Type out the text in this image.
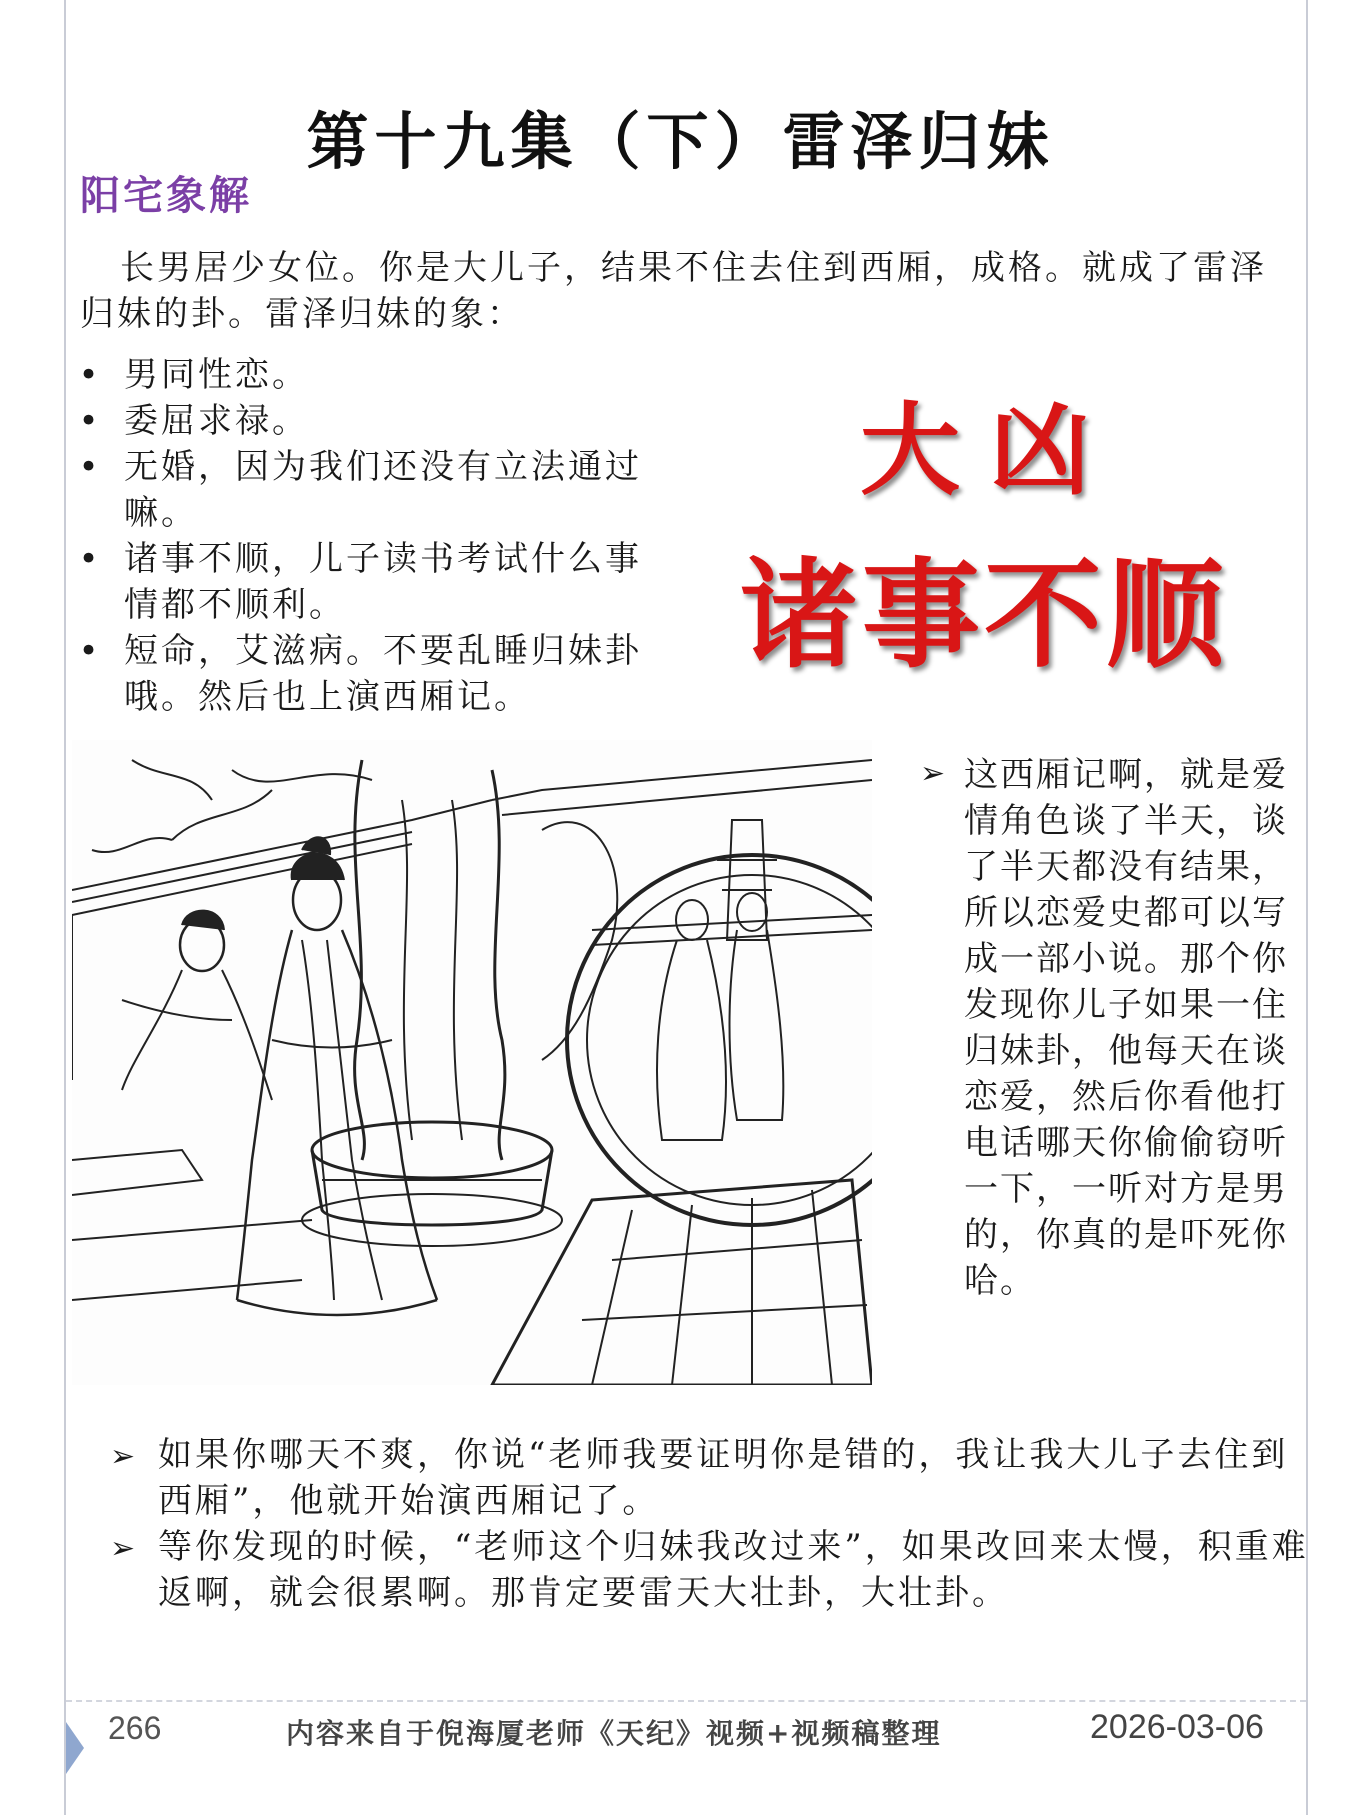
第十九集（下）雷泽归妹
阳宅象解
长男居少女位。你是大儿子，结果不住去住到西厢，成格。就成了雷泽归妹的卦。雷泽归妹的象：
• 男同性恋。
• 委屈求禄。
• 无婚，因为我们还没有立法通过嘛。
• 诸事不顺，儿子读书考试什么事情都不顺利。
• 短命，艾滋病。不要乱睡归妹卦哦。然后也上演西厢记。
大凶
诸事不顺
➢ 这西厢记啊，就是爱情角色谈了半天，谈了半天都没有结果，所以恋爱史都可以写成一部小说。那个你发现你儿子如果一住归妹卦，他每天在谈恋爱，然后你看他打电话哪天你偷偷窃听一下，一听对方是男的，你真的是吓死你哈。
➢ 如果你哪天不爽，你说“老师我要证明你是错的，我让我大儿子去住到西厢”，他就开始演西厢记了。
➢ 等你发现的时候，“老师这个归妹我改过来”，如果改回来太慢，积重难返啊，就会很累啊。那肯定要雷天大壮卦，大壮卦。
266	内容来自于倪海厦老师《天纪》视频+视频稿整理	2026-03-06
